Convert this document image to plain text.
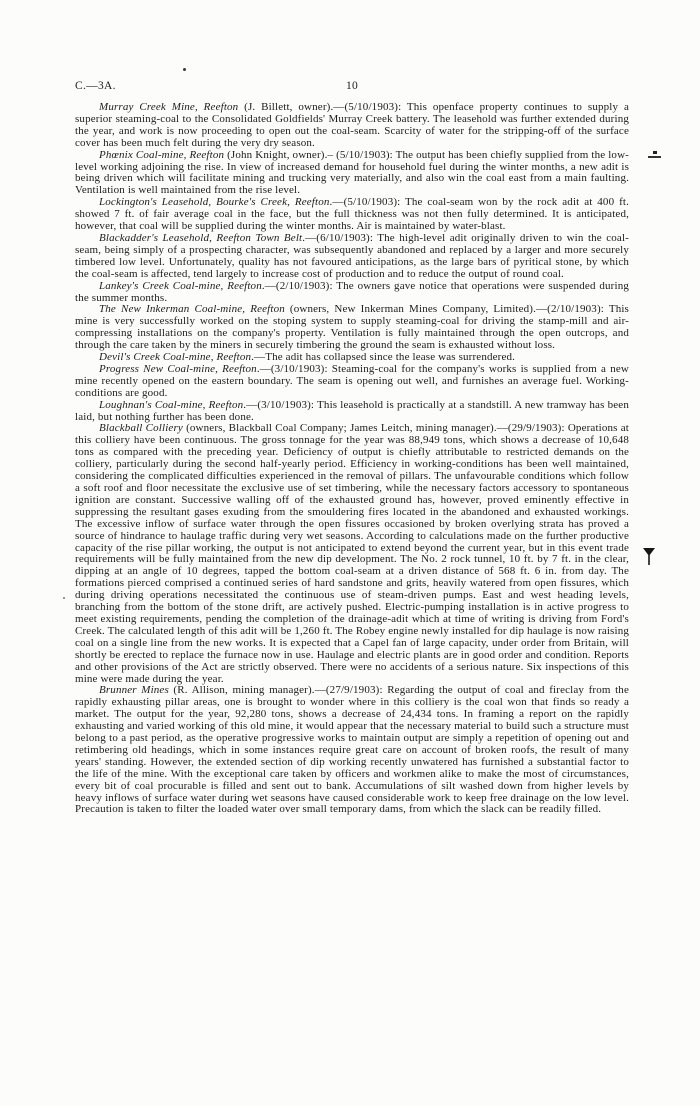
C.—3A.	10

Murray Creek Mine, Reefton (J. Billett, owner).—(5/10/1903): This openface property continues to supply a superior steaming-coal to the Consolidated Goldfields' Murray Creek battery. The leasehold was further extended during the year, and work is now proceeding to open out the coal-seam. Scarcity of water for the stripping-off of the surface cover has been much felt during the very dry season.

Phœnix Coal-mine, Reefton (John Knight, owner).– (5/10/1903): The output has been chiefly supplied from the low-level working adjoining the rise. In view of increased demand for household fuel during the winter months, a new adit is being driven which will facilitate mining and trucking very materially, and also win the coal east from a main faulting. Ventilation is well maintained from the rise level.

Lockington's Leasehold, Bourke's Creek, Reefton.—(5/10/1903): The coal-seam won by the rock adit at 400 ft. showed 7 ft. of fair average coal in the face, but the full thickness was not then fully determined. It is anticipated, however, that coal will be supplied during the winter months. Air is maintained by water-blast.

Blackadder's Leasehold, Reefton Town Belt.—(6/10/1903): The high-level adit originally driven to win the coal-seam, being simply of a prospecting character, was subsequently abandoned and replaced by a larger and more securely timbered low level. Unfortunately, quality has not favoured anticipations, as the large bars of pyritical stone, by which the coal-seam is affected, tend largely to increase cost of production and to reduce the output of round coal.

Lankey's Creek Coal-mine, Reefton.—(2/10/1903): The owners gave notice that operations were suspended during the summer months.

The New Inkerman Coal-mine, Reefton (owners, New Inkerman Mines Company, Limited).—(2/10/1903): This mine is very successfully worked on the stoping system to supply steaming-coal for driving the stamp-mill and air-compressing installations on the company's property. Ventilation is fully maintained through the open outcrops, and through the care taken by the miners in securely timbering the ground the seam is exhausted without loss.

Devil's Creek Coal-mine, Reefton.—The adit has collapsed since the lease was surrendered.

Progress New Coal-mine, Reefton.—(3/10/1903): Steaming-coal for the company's works is supplied from a new mine recently opened on the eastern boundary. The seam is opening out well, and furnishes an average fuel. Working-conditions are good.

Loughnan's Coal-mine, Reefton.—(3/10/1903): This leasehold is practically at a standstill. A new tramway has been laid, but nothing further has been done.

Blackball Colliery (owners, Blackball Coal Company; James Leitch, mining manager).—(29/9/1903): Operations at this colliery have been continuous. The gross tonnage for the year was 88,949 tons, which shows a decrease of 10,648 tons as compared with the preceding year. Deficiency of output is chiefly attributable to restricted demands on the colliery, particularly during the second half-yearly period. Efficiency in working-conditions has been well maintained, considering the complicated difficulties experienced in the removal of pillars. The unfavourable conditions which follow a soft roof and floor necessitate the exclusive use of set timbering, while the necessary factors accessory to spontaneous ignition are constant. Successive walling off of the exhausted ground has, however, proved eminently effective in suppressing the resultant gases exuding from the smouldering fires located in the abandoned and exhausted workings. The excessive inflow of surface water through the open fissures occasioned by broken overlying strata has proved a source of hindrance to haulage traffic during very wet seasons. According to calculations made on the further productive capacity of the rise pillar working, the output is not anticipated to extend beyond the current year, but in this event trade requirements will be fully maintained from the new dip development. The No. 2 rock tunnel, 10 ft. by 7 ft. in the clear, dipping at an angle of 10 degrees, tapped the bottom coal-seam at a driven distance of 568 ft. 6 in. from day. The formations pierced comprised a continued series of hard sandstone and grits, heavily watered from open fissures, which during driving operations necessitated the continuous use of steam-driven pumps. East and west heading levels, branching from the bottom of the stone drift, are actively pushed. Electric-pumping installation is in active progress to meet existing requirements, pending the completion of the drainage-adit which at time of writing is driving from Ford's Creek. The calculated length of this adit will be 1,260 ft. The Robey engine newly installed for dip haulage is now raising coal on a single line from the new works. It is expected that a Capel fan of large capacity, under order from Britain, will shortly be erected to replace the furnace now in use. Haulage and electric plants are in good order and condition. Reports and other provisions of the Act are strictly observed. There were no accidents of a serious nature. Six inspections of this mine were made during the year.

Brunner Mines (R. Allison, mining manager).—(27/9/1903): Regarding the output of coal and fireclay from the rapidly exhausting pillar areas, one is brought to wonder where in this colliery is the coal won that finds so ready a market. The output for the year, 92,280 tons, shows a decrease of 24,434 tons. In framing a report on the rapidly exhausting and varied working of this old mine, it would appear that the necessary material to build such a structure must belong to a past period, as the operative progressive works to maintain output are simply a repetition of opening out and retimbering old headings, which in some instances require great care on account of broken roofs, the result of many years' standing. However, the extended section of dip working recently unwatered has furnished a substantial factor to the life of the mine. With the exceptional care taken by officers and workmen alike to make the most of circumstances, every bit of coal procurable is filled and sent out to bank. Accumulations of silt washed down from higher levels by heavy inflows of surface water during wet seasons have caused considerable work to keep free drainage on the low level. Precaution is taken to filter the loaded water over small temporary dams, from which the slack can be readily filled.
